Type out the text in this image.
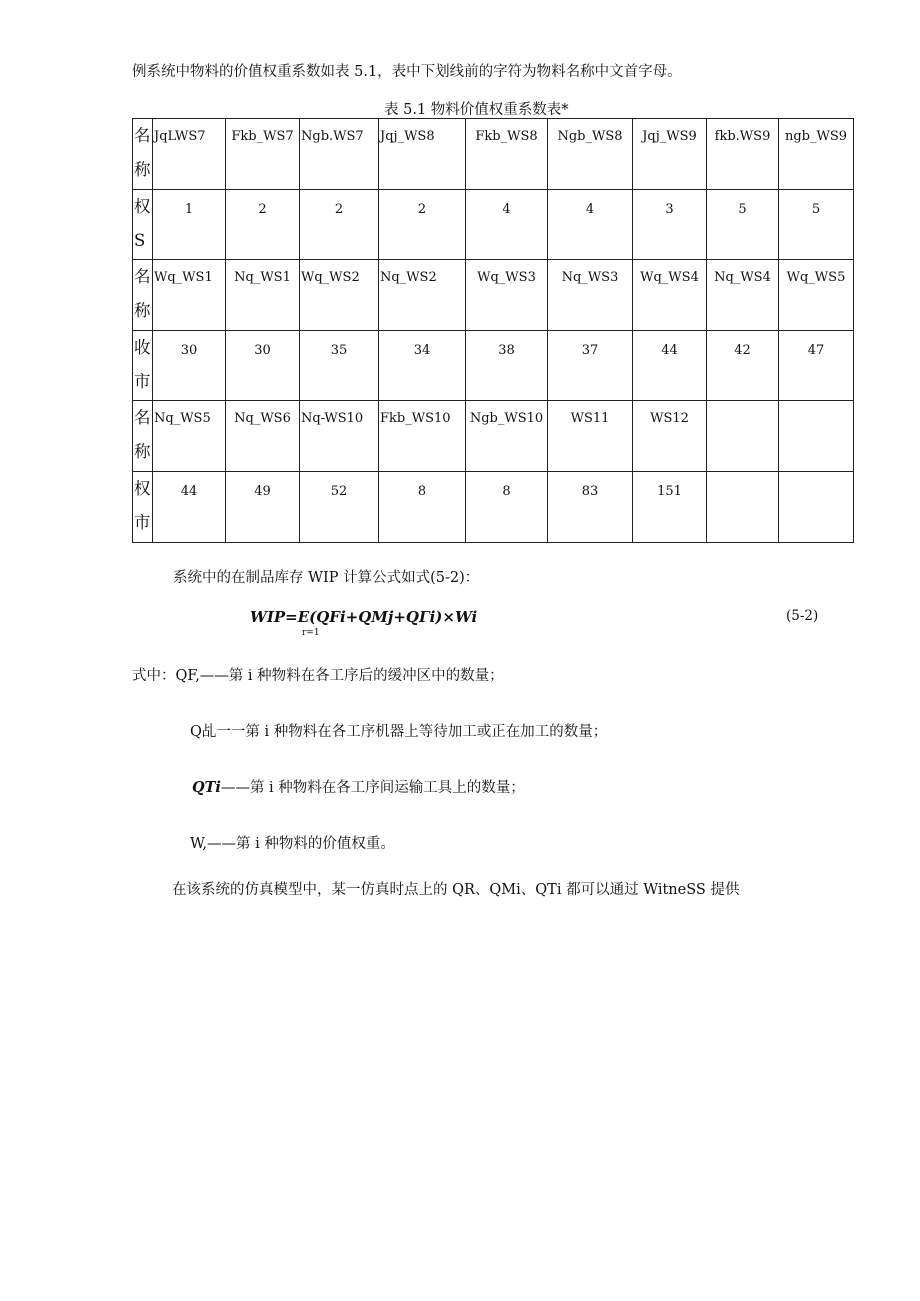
例系统中物料的价值权重系数如表 5.1，表中下划线前的字符为物料名称中文首字母。
表 5.1 物料价值权重系数表*
名
称	JqLWS7	Fkb_WS7	Ngb.WS7	Jqj_WS8	Fkb_WS8	Ngb_WS8	Jqj_WS9	fkb.WS9	ngb_WS9

权
S	1	2	2	2	4	4	3	5	5

名
称	Wq_WS1	Nq_WS1	Wq_WS2	Nq_WS2	Wq_WS3	Nq_WS3	Wq_WS4	Nq_WS4	Wq_WS5

收
市	30	30	35	34	38	37	44	42	47

名
称	Nq_WS5	Nq_WS6	Nq-WS10	Fkb_WS10	Ngb_WS10	WS11	WS12		

权
市	44	49	52	8	8	83	151		

系统中的在制品库存 WIP 计算公式如式(5-2)：
WIP=E(QFi+QMj+QΓi)×Wi
r=1
(5-2)
式中：QF,——第 i 种物料在各工序后的缓冲区中的数量；
Q乩一一第 i 种物料在各工序机器上等待加工或正在加工的数量；
QTi——第 i 种物料在各工序间运输工具上的数量；
W,——第 i 种物料的价值权重。
在该系统的仿真模型中，某一仿真时点上的 QR、QMi、QTi 都可以通过 WitneSS 提供
